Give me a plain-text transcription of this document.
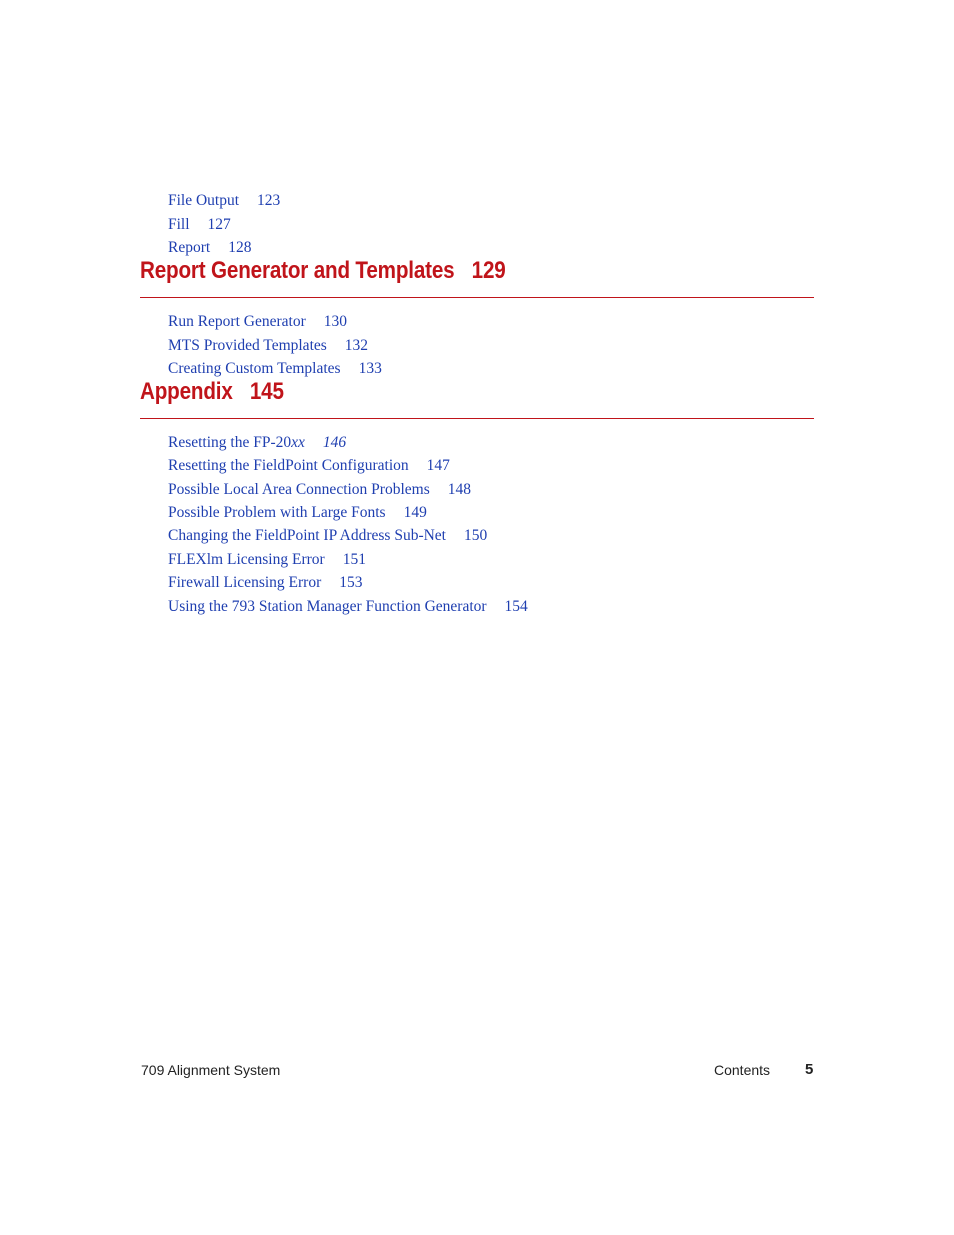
File Output 123
Fill 127
Report 128
Report Generator and Templates 129
Run Report Generator 130
MTS Provided Templates 132
Creating Custom Templates 133
Appendix 145
Resetting the FP-20xx 146
Resetting the FieldPoint Configuration 147
Possible Local Area Connection Problems 148
Possible Problem with Large Fonts 149
Changing the FieldPoint IP Address Sub-Net 150
FLEXlm Licensing Error 151
Firewall Licensing Error 153
Using the 793 Station Manager Function Generator 154
709 Alignment System	Contents 5
